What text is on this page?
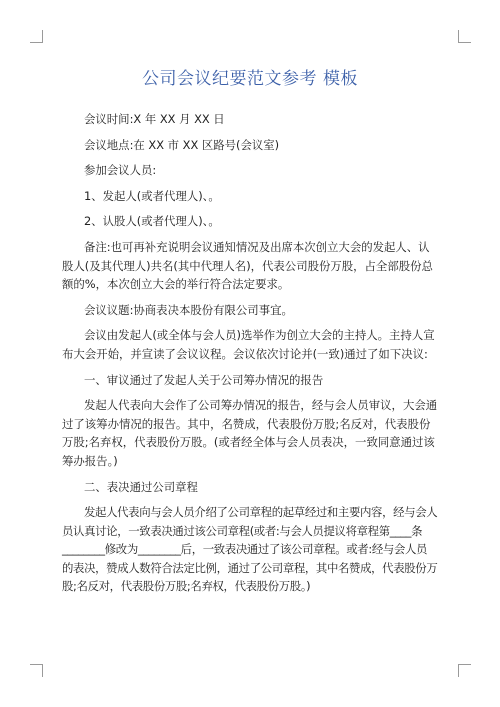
公司会议纪要范文参考 模板

会议时间:X 年 XX 月 XX 日

会议地点:在 XX 市 XX 区路号(会议室)

参加会议人员:

1、发起人(或者代理人)、。

2、认股人(或者代理人)、。

备注:也可再补充说明会议通知情况及出席本次创立大会的发起人、认股人(及其代理人)共名(其中代理人名)，代表公司股份万股，占全部股份总额的%，本次创立大会的举行符合法定要求。

会议议题:协商表决本股份有限公司事宜。

会议由发起人(或全体与会人员)选举作为创立大会的主持人。主持人宣布大会开始，并宣读了会议议程。会议依次讨论并(一致)通过了如下决议:

一、审议通过了发起人关于公司筹办情况的报告

发起人代表向大会作了公司筹办情况的报告，经与会人员审议，大会通过了该筹办情况的报告。其中，名赞成，代表股份万股;名反对，代表股份万股;名弃权，代表股份万股。(或者经全体与会人员表决，一致同意通过该筹办报告。)

二、表决通过公司章程

发起人代表向与会人员介绍了公司章程的起草经过和主要内容，经与会人员认真讨论，一致表决通过该公司章程(或者:与会人员提议将章程第____条________修改为________后，一致表决通过了该公司章程。或者:经与会人员的表决，赞成人数符合法定比例，通过了公司章程，其中名赞成，代表股份万股;名反对，代表股份万股;名弃权，代表股份万股。)
